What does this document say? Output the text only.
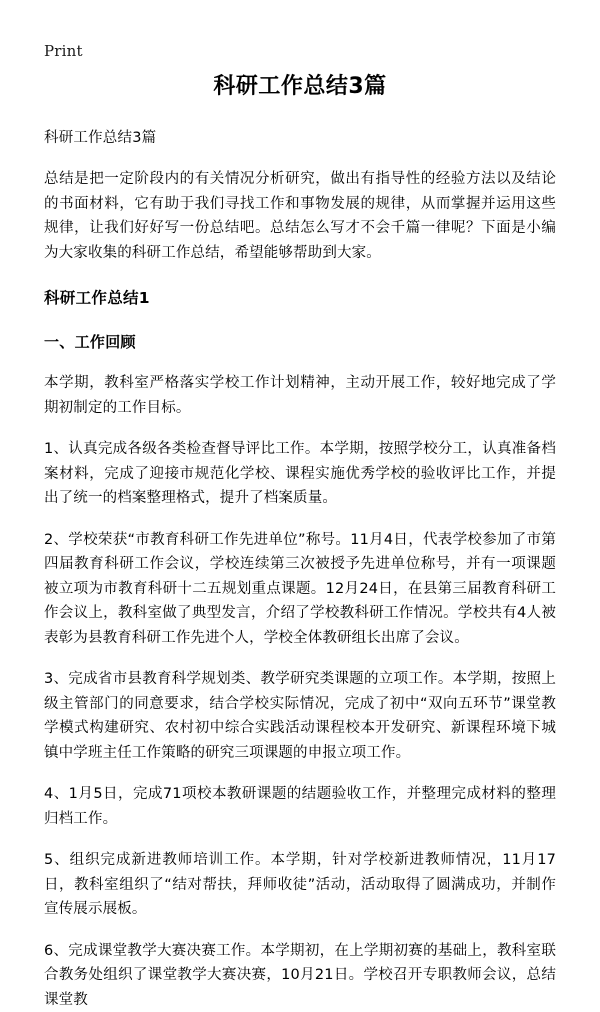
Print
科研工作总结3篇

科研工作总结3篇

总结是把一定阶段内的有关情况分析研究，做出有指导性的经验方法以及结论的书面材料，它有助于我们寻找工作和事物发展的规律，从而掌握并运用这些规律，让我们好好写一份总结吧。总结怎么写才不会千篇一律呢？下面是小编为大家收集的科研工作总结，希望能够帮助到大家。

科研工作总结1
一、工作回顾

本学期，教科室严格落实学校工作计划精神，主动开展工作，较好地完成了学期初制定的工作目标。

1、认真完成各级各类检查督导评比工作。本学期，按照学校分工，认真准备档案材料，完成了迎接市规范化学校、课程实施优秀学校的验收评比工作，并提出了统一的档案整理格式，提升了档案质量。

2、学校荣获“市教育科研工作先进单位”称号。11月4日，代表学校参加了市第四届教育科研工作会议，学校连续第三次被授予先进单位称号，并有一项课题被立项为市教育科研十二五规划重点课题。12月24日，在县第三届教育科研工作会议上，教科室做了典型发言，介绍了学校教科研工作情况。学校共有4人被表彰为县教育科研工作先进个人，学校全体教研组长出席了会议。

3、完成省市县教育科学规划类、教学研究类课题的立项工作。本学期，按照上级主管部门的同意要求，结合学校实际情况，完成了初中“双向五环节”课堂教学模式构建研究、农村初中综合实践活动课程校本开发研究、新课程环境下城镇中学班主任工作策略的研究三项课题的申报立项工作。

4、1月5日，完成71项校本教研课题的结题验收工作，并整理完成材料的整理归档工作。

5、组织完成新进教师培训工作。本学期，针对学校新进教师情况，11月17日，教科室组织了“结对帮扶，拜师收徒”活动，活动取得了圆满成功，并制作宣传展示展板。

6、完成课堂教学大赛决赛工作。本学期初，在上学期初赛的基础上，教科室联合教务处组织了课堂教学大赛决赛，10月21日。学校召开专职教师会议，总结课堂教
